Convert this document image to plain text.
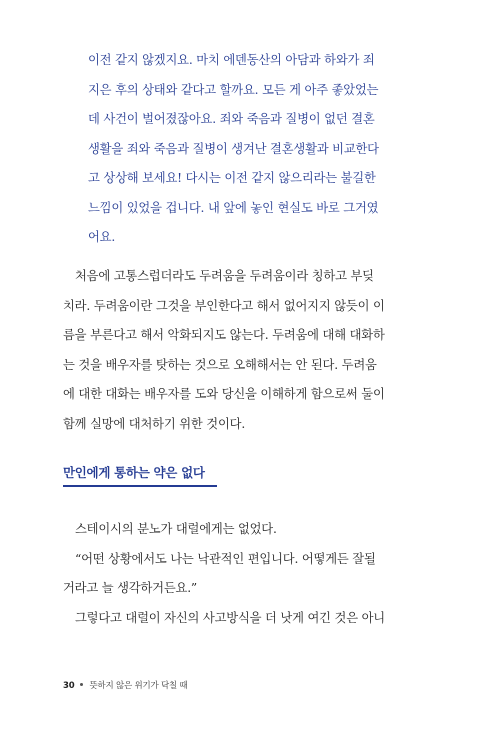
이전 같지 않겠지요. 마치 에덴동산의 아담과 하와가 죄
지은 후의 상태와 같다고 할까요. 모든 게 아주 좋았었는
데 사건이 벌어졌잖아요. 죄와 죽음과 질병이 없던 결혼
생활을 죄와 죽음과 질병이 생겨난 결혼생활과 비교한다
고 상상해 보세요! 다시는 이전 같지 않으리라는 불길한
느낌이 있었을 겁니다. 내 앞에 놓인 현실도 바로 그거였
어요.
처음에 고통스럽더라도 두려움을 두려움이라 칭하고 부딪
치라. 두려움이란 그것을 부인한다고 해서 없어지지 않듯이 이
름을 부른다고 해서 악화되지도 않는다. 두려움에 대해 대화하
는 것을 배우자를 탓하는 것으로 오해해서는 안 된다. 두려움
에 대한 대화는 배우자를 도와 당신을 이해하게 함으로써 둘이
함께 실망에 대처하기 위한 것이다.
만인에게 통하는 약은 없다
스테이시의 분노가 대럴에게는 없었다.
“어떤 상황에서도 나는 낙관적인 편입니다. 어떻게든 잘될
거라고 늘 생각하거든요.”
그렇다고 대럴이 자신의 사고방식을 더 낫게 여긴 것은 아니
30 뜻하지 않은 위기가 닥칠 때
